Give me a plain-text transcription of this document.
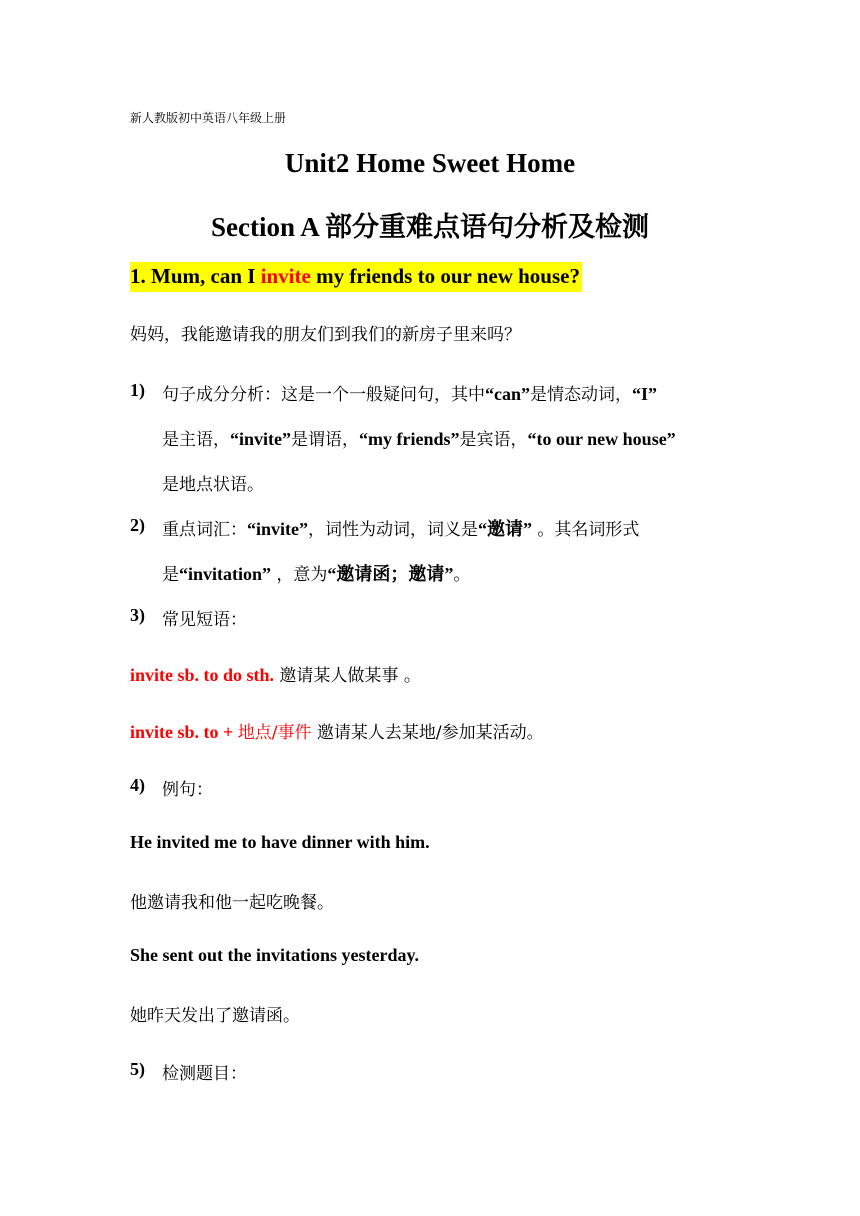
新人教版初中英语八年级上册
Unit2 Home Sweet Home
Section A 部分重难点语句分析及检测
1. Mum, can I invite my friends to our new house?
妈妈，我能邀请我的朋友们到我们的新房子里来吗？
1) 句子成分分析：这是一个一般疑问句，其中“can”是情态动词，“I”
是主语，“invite”是谓语，“my friends”是宾语，“to our new house”
是地点状语。
2) 重点词汇：“invite”，词性为动词，词义是“邀请” 。其名词形式
是“invitation” ，意为“邀请函；邀请”。
3) 常见短语：
invite sb. to do sth. 邀请某人做某事 。
invite sb. to + 地点/事件 邀请某人去某地/参加某活动。
4) 例句：
He invited me to have dinner with him.
他邀请我和他一起吃晚餐。
She sent out the invitations yesterday.
她昨天发出了邀请函。
5) 检测题目：
